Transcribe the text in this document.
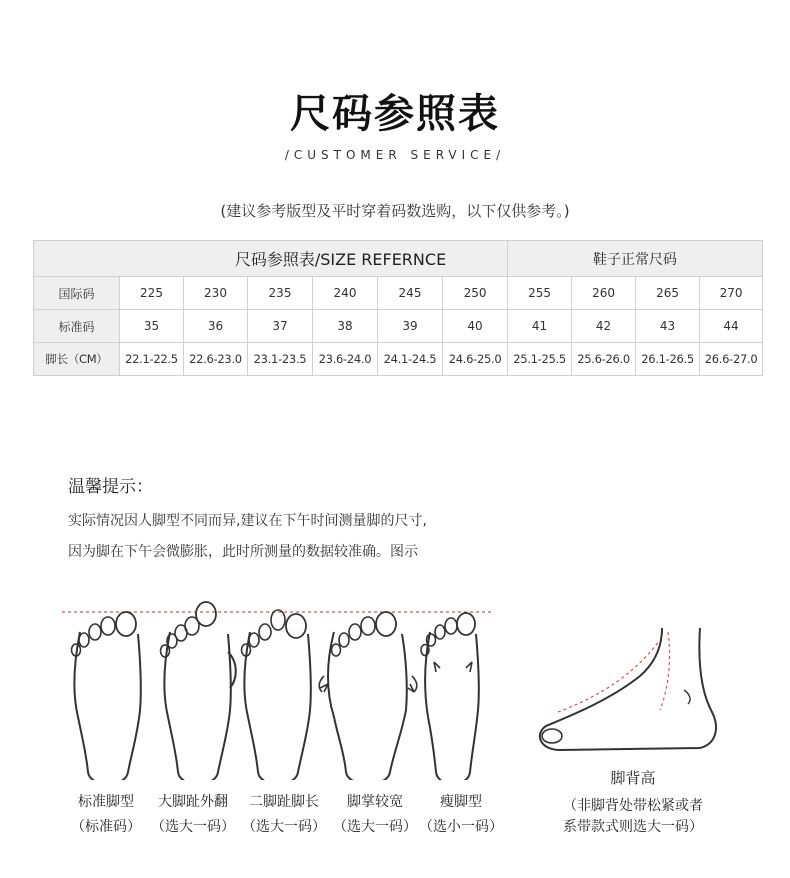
尺码参照表
/CUSTOMER SERVICE/
(建议参考版型及平时穿着码数选购，以下仅供参考。)
尺码参照表/SIZE REFERNCE							鞋子正常尺码			
国际码	225	230	235	240	245	250	255	260	265	270
标准码	35	36	37	38	39	40	41	42	43	44
脚长（CM）	22.1-22.5	22.6-23.0	23.1-23.5	23.6-24.0	24.1-24.5	24.6-25.0	25.1-25.5	25.6-26.0	26.1-26.5	26.6-27.0
温馨提示：
实际情况因人脚型不同而异,建议在下午时间测量脚的尺寸,
因为脚在下午会微膨胀，此时所测量的数据较准确。图示
标准脚型 大脚趾外翻 二脚趾脚长 脚掌较宽	瘦脚型
（标准码） （选大一码） （选大一码） （选大一码） （选小一码）
脚背高
（非脚背处带松紧或者
系带款式则选大一码）
